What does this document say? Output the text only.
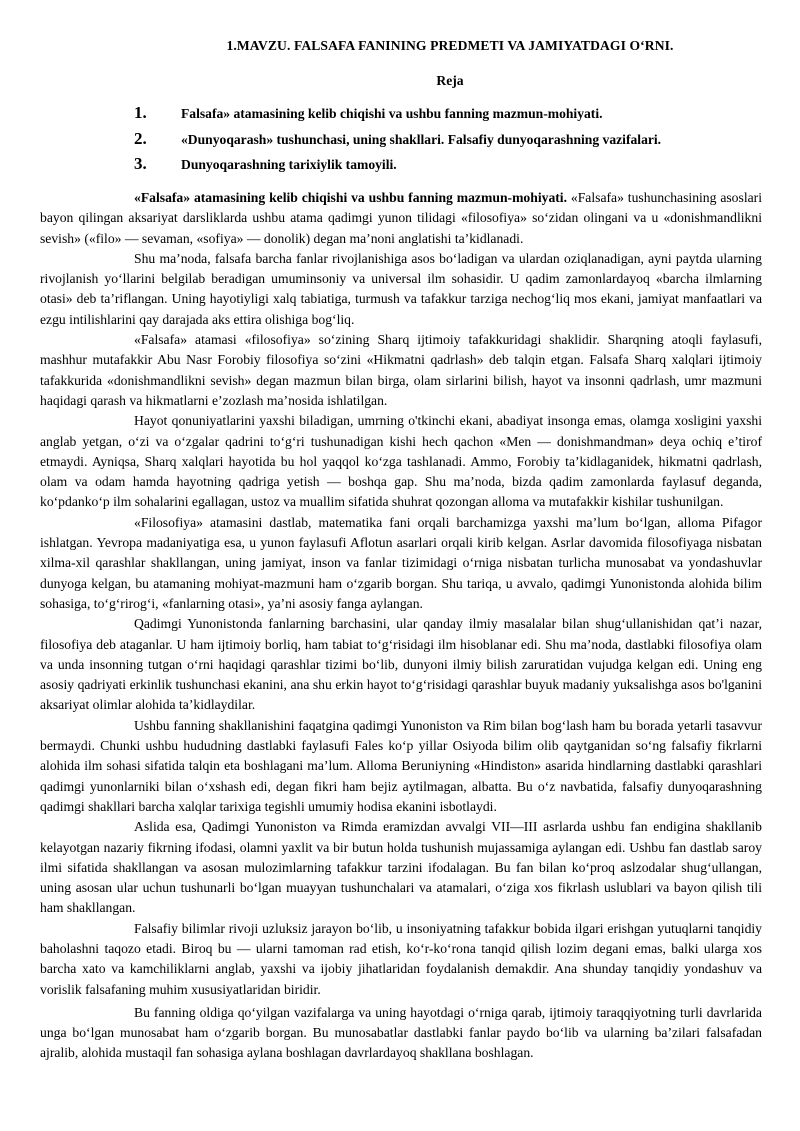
1.MAVZU. FALSAFA FANINING PREDMETI VA JAMIYATDAGI O‘RNI.
Reja
1.	Falsafa» atamasining kelib chiqishi va ushbu fanning mazmun-mohiyati.
2.	«Dunyoqarash» tushunchasi, uning shakllari. Falsafiy dunyoqarashning vazifalari.
3.	Dunyoqarashning tarixiylik tamoyili.

«Falsafa» atamasining kelib chiqishi va ushbu fanning mazmun-mohiyati. «Falsafa» tushunchasining asoslari bayon qilingan aksariyat darsliklarda ushbu atama qadimgi yunon tilidagi «filosofiya» so‘zidan olingani va u «donishmandlikni sevish» («filo» — sevaman, «sofiya» — donolik) degan ma’noni anglatishi ta’kidlanadi.

Shu ma’noda, falsafa barcha fanlar rivojlanishiga asos bo‘ladigan va ulardan oziqlanadigan, ayni paytda ularning rivojlanish yo‘llarini belgilab beradigan umuminsoniy va universal ilm sohasidir. U qadim zamonlardayoq «barcha ilmlarning otasi» deb ta’riflangan. Uning hayotiyligi xalq tabiatiga, turmush va tafakkur tarziga nechog‘liq mos ekani, jamiyat manfaatlari va ezgu intilishlarini qay darajada aks ettira olishiga bog‘liq.

«Falsafa» atamasi «filosofiya» so‘zining Sharq ijtimoiy tafakkuridagi shaklidir. Sharqning atoqli faylasufi, mashhur mutafakkir Abu Nasr Forobiy filosofiya so‘zini «Hikmatni qadrlash» deb talqin etgan. Falsafa Sharq xalqlari ijtimoiy tafakkurida «donishmandlikni sevish» degan mazmun bilan birga, olam sirlarini bilish, hayot va insonni qadrlash, umr mazmuni haqidagi qarash va hikmatlarni e’zozlash ma’nosida ishlatilgan.

Hayot qonuniyatlarini yaxshi biladigan, umrning o'tkinchi ekani, abadiyat insonga emas, olamga xosligini yaxshi anglab yetgan, o‘zi va o‘zgalar qadrini to‘g‘ri tushunadigan kishi hech qachon «Men — donishmandman» deya ochiq e’tirof etmaydi. Ayniqsa, Sharq xalqlari hayotida bu hol yaqqol ko‘zga tashlanadi. Ammo, Forobiy ta’kidlaganidek, hikmatni qadrlash, olam va odam hamda hayotning qadriga yetish — boshqa gap. Shu ma’noda, bizda qadim zamonlarda faylasuf deganda, ko‘pdanko‘p ilm sohalarini egallagan, ustoz va muallim sifatida shuhrat qozongan alloma va mutafakkir kishilar tushunilgan.

«Filosofiya» atamasini dastlab, matematika fani orqali barchamizga yaxshi ma’lum bo‘lgan, alloma Pifagor ishlatgan. Yevropa madaniyatiga esa, u yunon faylasufi Aflotun asarlari orqali kirib kelgan. Asrlar davomida filosofiyaga nisbatan xilma-xil qarashlar shakllangan, uning jamiyat, inson va fanlar tizimidagi o‘rniga nisbatan turlicha munosabat va yondashuvlar dunyoga kelgan, bu atamaning mohiyat-mazmuni ham o‘zgarib borgan. Shu tariqa, u avvalo, qadimgi Yunonistonda alohida bilim sohasiga, to‘g‘rirog‘i, «fanlarning otasi», ya’ni asosiy fanga aylangan.

Qadimgi Yunonistonda fanlarning barchasini, ular qanday ilmiy masalalar bilan shug‘ullanishidan qat’i nazar, filosofiya deb ataganlar. U ham ijtimoiy borliq, ham tabiat to‘g‘risidagi ilm hisoblanar edi. Shu ma’noda, dastlabki filosofiya olam va unda insonning tutgan o‘rni haqidagi qarashlar tizimi bo‘lib, dunyoni ilmiy bilish zaruratidan vujudga kelgan edi. Uning eng asosiy qadriyati erkinlik tushunchasi ekanini, ana shu erkin hayot to‘g‘risidagi qarashlar buyuk madaniy yuksalishga asos bo'lganini aksariyat olimlar alohida ta’kidlaydilar.

Ushbu fanning shakllanishini faqatgina qadimgi Yunoniston va Rim bilan bog‘lash ham bu borada yetarli tasavvur bermaydi. Chunki ushbu hududning dastlabki faylasufi Fales ko‘p yillar Osiyoda bilim olib qaytganidan so‘ng falsafiy fikrlarni alohida ilm sohasi sifatida talqin eta boshlagani ma’lum. Alloma Beruniyning «Hindiston» asarida hindlarning dastlabki qarashlari qadimgi yunonlarniki bilan o‘xshash edi, degan fikri ham bejiz aytilmagan, albatta. Bu o‘z navbatida, falsafiy dunyoqarashning qadimgi shakllari barcha xalqlar tarixiga tegishli umumiy hodisa ekanini isbotlaydi.

Aslida esa, Qadimgi Yunoniston va Rimda eramizdan avvalgi VII—III asrlarda ushbu fan endigina shakllanib kelayotgan nazariy fikrning ifodasi, olamni yaxlit va bir butun holda tushunish mujassamiga aylangan edi. Ushbu fan dastlab saroy ilmi sifatida shakllangan va asosan mulozimlarning tafakkur tarzini ifodalagan. Bu fan bilan ko‘proq aslzodalar shug‘ullangan, uning asosan ular uchun tushunarli bo‘lgan muayyan tushunchalari va atamalari, o‘ziga xos fikrlash uslublari va bayon qilish tili ham shakllangan.

Falsafiy bilimlar rivoji uzluksiz jarayon bo‘lib, u insoniyatning tafakkur bobida ilgari erishgan yutuqlarni tanqidiy baholashni taqozo etadi. Biroq bu — ularni tamoman rad etish, ko‘r-ko‘rona tanqid qilish lozim degani emas, balki ularga xos barcha xato va kamchiliklarni anglab, yaxshi va ijobiy jihatlaridan foydalanish demakdir. Ana shunday tanqidiy yondashuv va vorislik falsafaning muhim xususiyatlaridan biridir.

Bu fanning oldiga qo‘yilgan vazifalarga va uning hayotdagi o‘rniga qarab, ijtimoiy taraqqiyotning turli davrlarida unga bo‘lgan munosabat ham o‘zgarib borgan. Bu munosabatlar dastlabki fanlar paydo bo‘lib va ularning ba’zilari falsafadan ajralib, alohida mustaqil fan sohasiga aylana boshlagan davrlardayoq shakllana boshlagan.
